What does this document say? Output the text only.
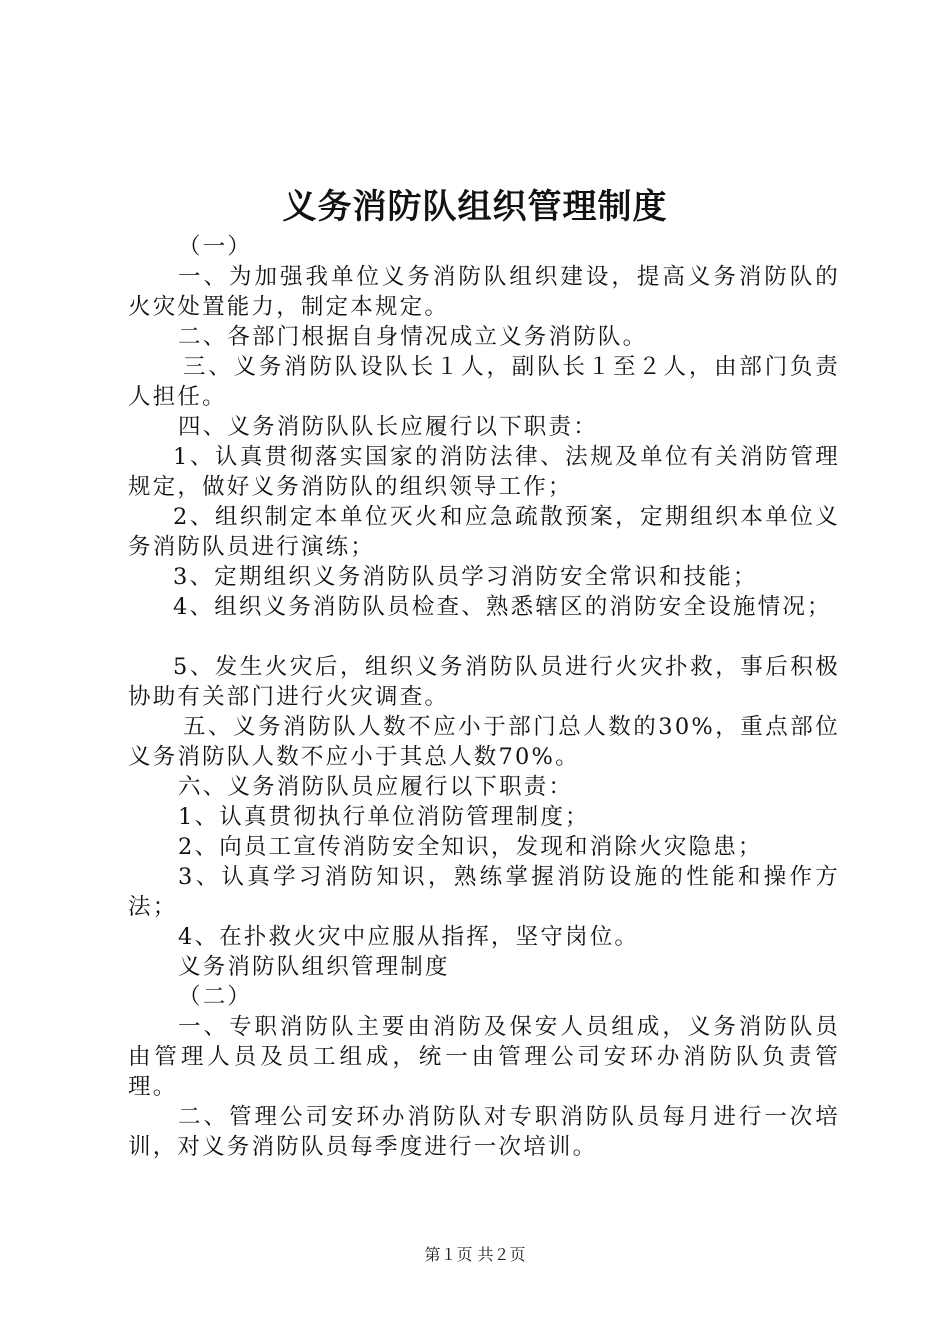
义务消防队组织管理制度

（一）

一、为加强我单位义务消防队组织建设，提高义务消防队的火灾处置能力，制定本规定。

二、各部门根据自身情况成立义务消防队。

三、义务消防队设队长１人，副队长１至２人，由部门负责人担任。

四、义务消防队队长应履行以下职责：

1、认真贯彻落实国家的消防法律、法规及单位有关消防管理规定，做好义务消防队的组织领导工作；

2、组织制定本单位灭火和应急疏散预案，定期组织本单位义务消防队员进行演练；

3、定期组织义务消防队员学习消防安全常识和技能；

4、组织义务消防队员检查、熟悉辖区的消防安全设施情况；

5、发生火灾后，组织义务消防队员进行火灾扑救，事后积极协助有关部门进行火灾调查。

五、义务消防队人数不应小于部门总人数的30%，重点部位义务消防队人数不应小于其总人数70%。

六、义务消防队员应履行以下职责：

1、认真贯彻执行单位消防管理制度；

2、向员工宣传消防安全知识，发现和消除火灾隐患；

3、认真学习消防知识，熟练掌握消防设施的性能和操作方法；

4、在扑救火灾中应服从指挥，坚守岗位。

义务消防队组织管理制度

（二）

一、专职消防队主要由消防及保安人员组成，义务消防队员由管理人员及员工组成，统一由管理公司安环办消防队负责管理。

二、管理公司安环办消防队对专职消防队员每月进行一次培训，对义务消防队员每季度进行一次培训。

第１页 共２页
